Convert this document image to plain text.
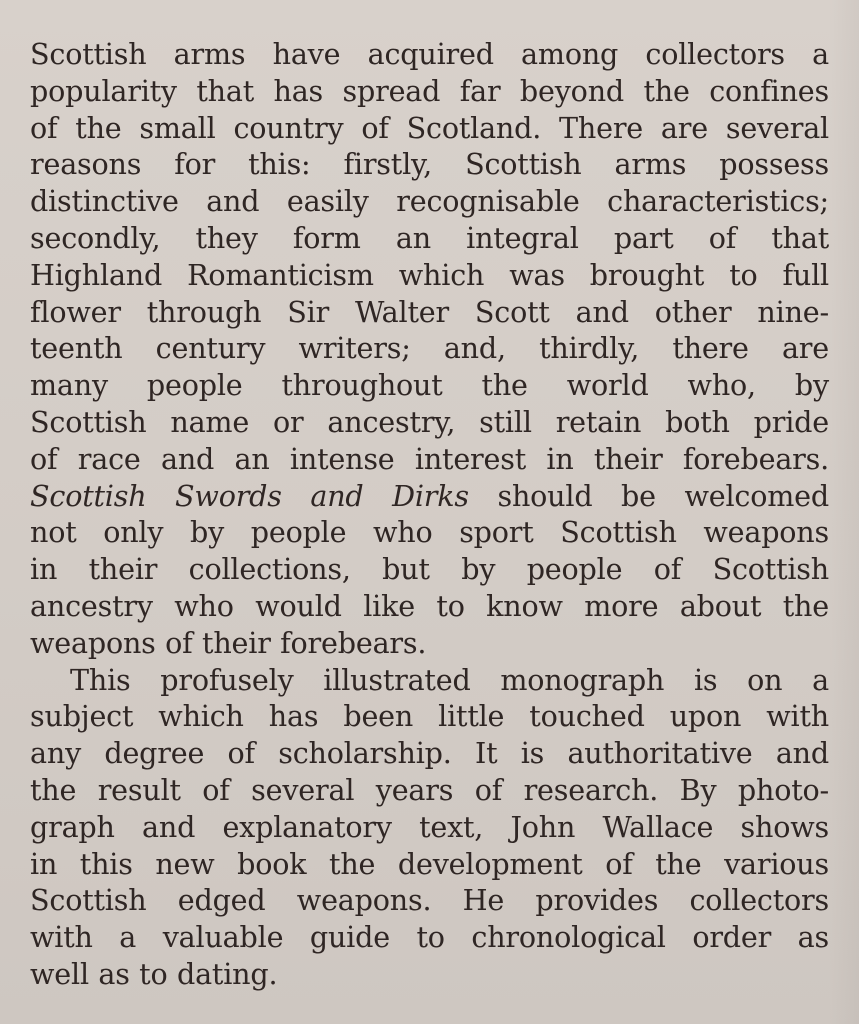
Scottish arms have acquired among collectors a
popularity that has spread far beyond the confines
of the small country of Scotland. There are several
reasons for this: firstly, Scottish arms possess
distinctive and easily recognisable characteristics;
secondly, they form an integral part of that
Highland Romanticism which was brought to full
flower through Sir Walter Scott and other nine-
teenth century writers; and, thirdly, there are
many people throughout the world who, by
Scottish name or ancestry, still retain both pride
of race and an intense interest in their forebears.
Scottish Swords and Dirks should be welcomed
not only by people who sport Scottish weapons
in their collections, but by people of Scottish
ancestry who would like to know more about the
weapons of their forebears.
This profusely illustrated monograph is on a
subject which has been little touched upon with
any degree of scholarship. It is authoritative and
the result of several years of research. By photo-
graph and explanatory text, John Wallace shows
in this new book the development of the various
Scottish edged weapons. He provides collectors
with a valuable guide to chronological order as
well as to dating.
